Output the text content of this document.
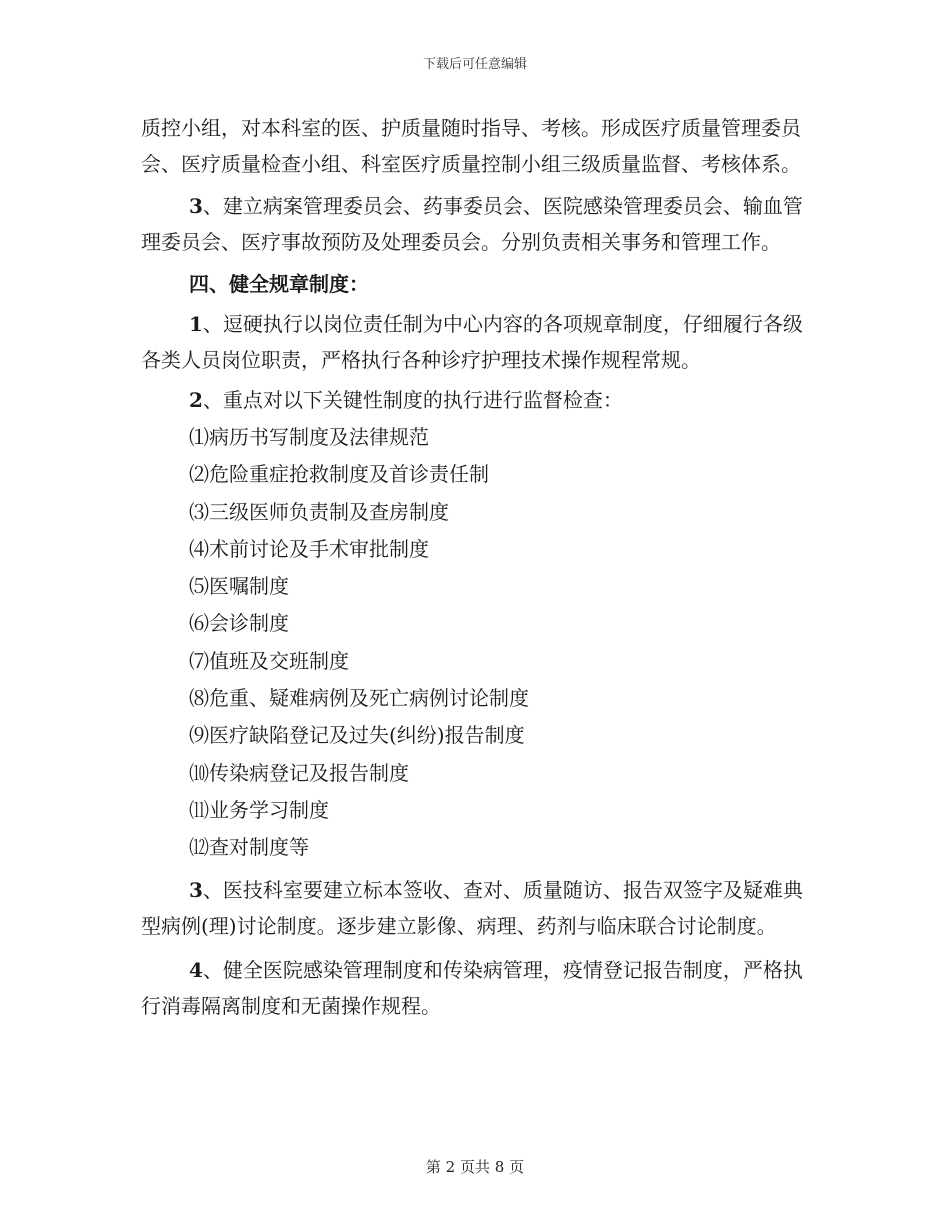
下载后可任意编辑

质控小组，对本科室的医、护质量随时指导、考核。形成医疗质量管理委员会、医疗质量检查小组、科室医疗质量控制小组三级质量监督、考核体系。

3、建立病案管理委员会、药事委员会、医院感染管理委员会、输血管理委员会、医疗事故预防及处理委员会。分别负责相关事务和管理工作。

四、健全规章制度：

1、逗硬执行以岗位责任制为中心内容的各项规章制度，仔细履行各级各类人员岗位职责，严格执行各种诊疗护理技术操作规程常规。

2、重点对以下关键性制度的执行进行监督检查：

⑴病历书写制度及法律规范
⑵危险重症抢救制度及首诊责任制
⑶三级医师负责制及查房制度
⑷术前讨论及手术审批制度
⑸医嘱制度
⑹会诊制度
⑺值班及交班制度
⑻危重、疑难病例及死亡病例讨论制度
⑼医疗缺陷登记及过失(纠纷)报告制度
⑽传染病登记及报告制度
⑾业务学习制度
⑿查对制度等

3、医技科室要建立标本签收、查对、质量随访、报告双签字及疑难典型病例(理)讨论制度。逐步建立影像、病理、药剂与临床联合讨论制度。

4、健全医院感染管理制度和传染病管理，疫情登记报告制度，严格执行消毒隔离制度和无菌操作规程。

第 2 页共 8 页
